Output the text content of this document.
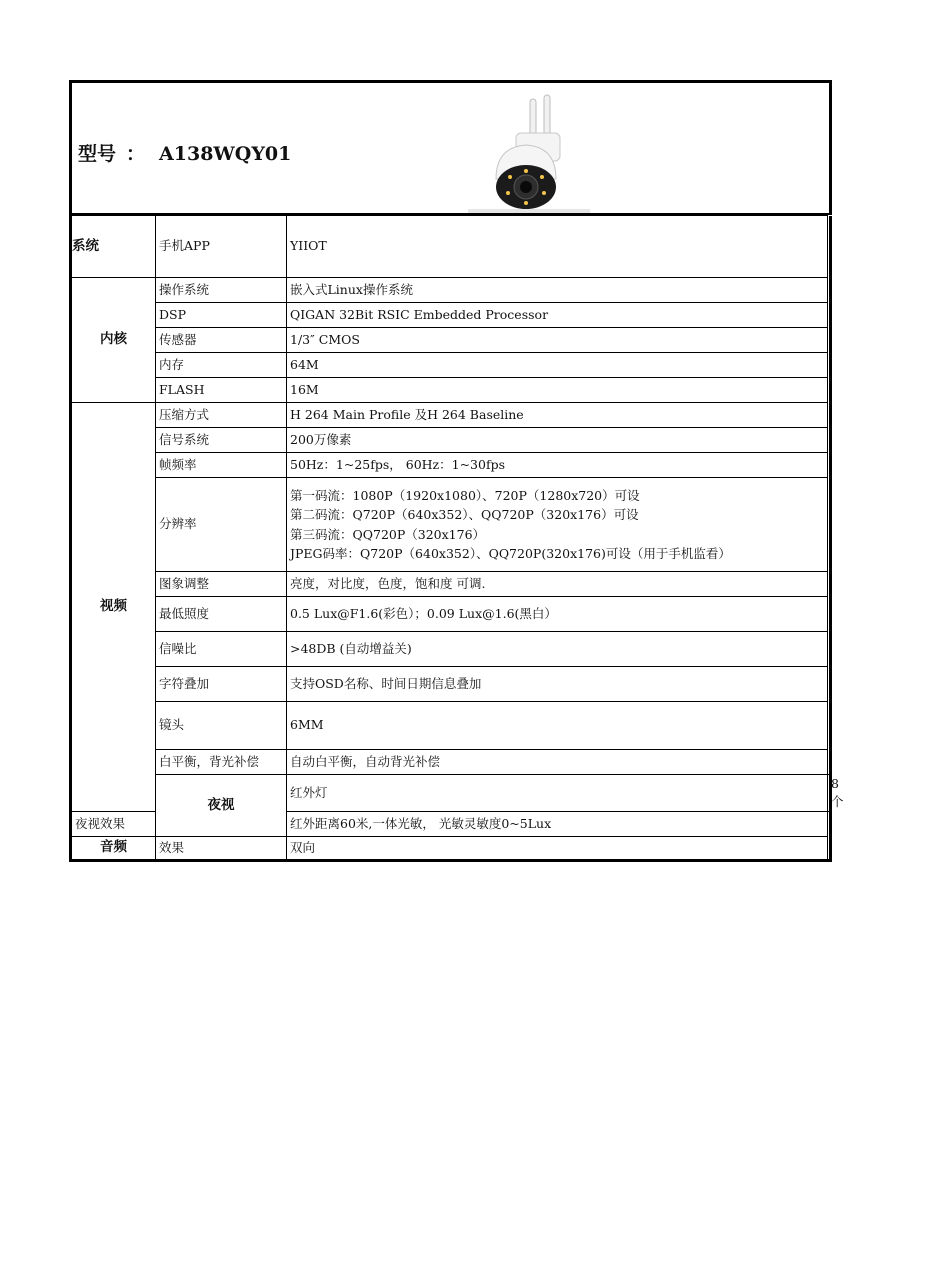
型号 ： A138WQY01
系统	手机APP	YIIOT	
内核	操作系统	嵌入式Linux操作系统	
	DSP	QIGAN 32Bit RSIC Embedded Processor	
	传感器	1/3″ CMOS	
	内存	64M	
	FLASH	16M	
视频	压缩方式	H 264 Main Profile 及H 264 Baseline	
	信号系统	200万像素	
	帧频率	50Hz：1~25fps， 60Hz：1~30fps	
	分辨率	第一码流：1080P（1920x1080）、720P（1280x720）可设
第二码流：Q720P（640x352）、QQ720P（320x176）可设
第三码流：QQ720P（320x176）
JPEG码率：Q720P（640x352）、QQ720P(320x176)可设（用于手机监看）	

	图象调整	亮度，对比度，色度，饱和度 可调.	
	最低照度	0.5 Lux@F1.6(彩色）；0.09 Lux@1.6(黑白）	
	信噪比	>48DB (自动增益关)	
	字符叠加	支持OSD名称、时间日期信息叠加	
	镜头	6MM	
	白平衡，背光补偿	自动白平衡，自动背光补偿	
	夜视	红外灯	8个
夜视效果		红外距离60米,一体光敏， 光敏灵敏度0~5Lux	
音频	效果	双向	
